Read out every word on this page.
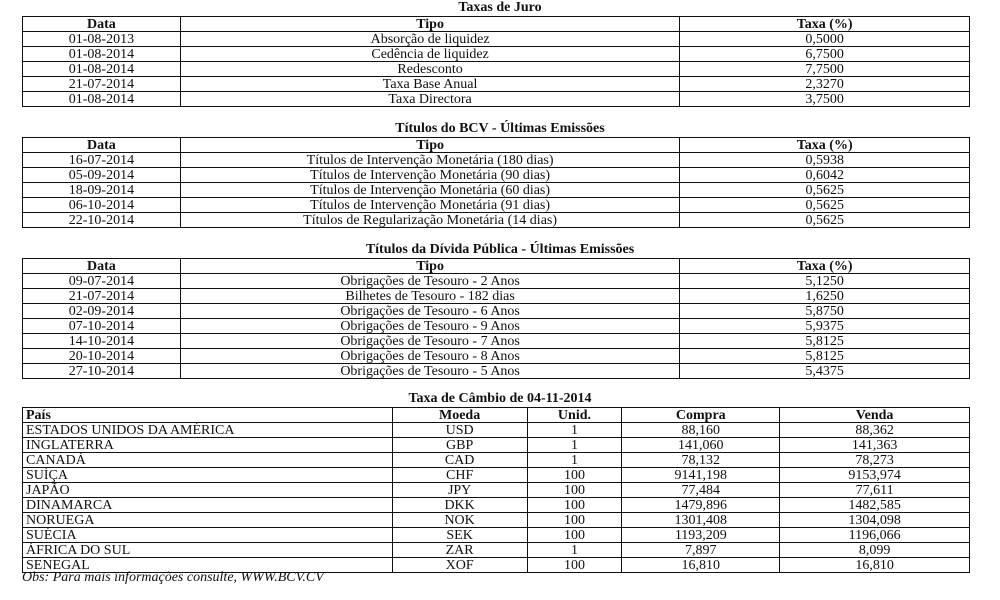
Taxas de Juro
Data	Tipo	Taxa (%)
01-08-2013	Absorção de liquidez	0,5000
01-08-2014	Cedência de liquidez	6,7500
01-08-2014	Redesconto	7,7500
21-07-2014	Taxa Base Anual	2,3270
01-08-2014	Taxa Directora	3,7500
Títulos do BCV - Últimas Emissões
Data	Tipo	Taxa (%)
16-07-2014	Títulos de Intervenção Monetária (180 dias)	0,5938
05-09-2014	Títulos de Intervenção Monetária (90 dias)	0,6042
18-09-2014	Títulos de Intervenção Monetária (60 dias)	0,5625
06-10-2014	Títulos de Intervenção Monetária (91 dias)	0,5625
22-10-2014	Títulos de Regularização Monetária (14 dias)	0,5625
Títulos da Dívida Pública - Últimas Emissões
Data	Tipo	Taxa (%)
09-07-2014	Obrigações de Tesouro - 2 Anos	5,1250
21-07-2014	Bilhetes de Tesouro - 182 dias	1,6250
02-09-2014	Obrigações de Tesouro - 6 Anos	5,8750
07-10-2014	Obrigações de Tesouro - 9 Anos	5,9375
14-10-2014	Obrigações de Tesouro - 7 Anos	5,8125
20-10-2014	Obrigações de Tesouro - 8 Anos	5,8125
27-10-2014	Obrigações de Tesouro - 5 Anos	5,4375
Taxa de Câmbio de 04-11-2014
País	Moeda	Unid.	Compra	Venda
ESTADOS UNIDOS DA AMÉRICA	USD	1	88,160	88,362
INGLATERRA	GBP	1	141,060	141,363
CANADÁ	CAD	1	78,132	78,273
SUÍÇA	CHF	100	9141,198	9153,974
JAPÃO	JPY	100	77,484	77,611
DINAMARCA	DKK	100	1479,896	1482,585
NORUEGA	NOK	100	1301,408	1304,098
SUÉCIA	SEK	100	1193,209	1196,066
ÁFRICA DO SUL	ZAR	1	7,897	8,099
SENEGAL	XOF	100	16,810	16,810
Obs: Para mais informações consulte, WWW.BCV.CV
